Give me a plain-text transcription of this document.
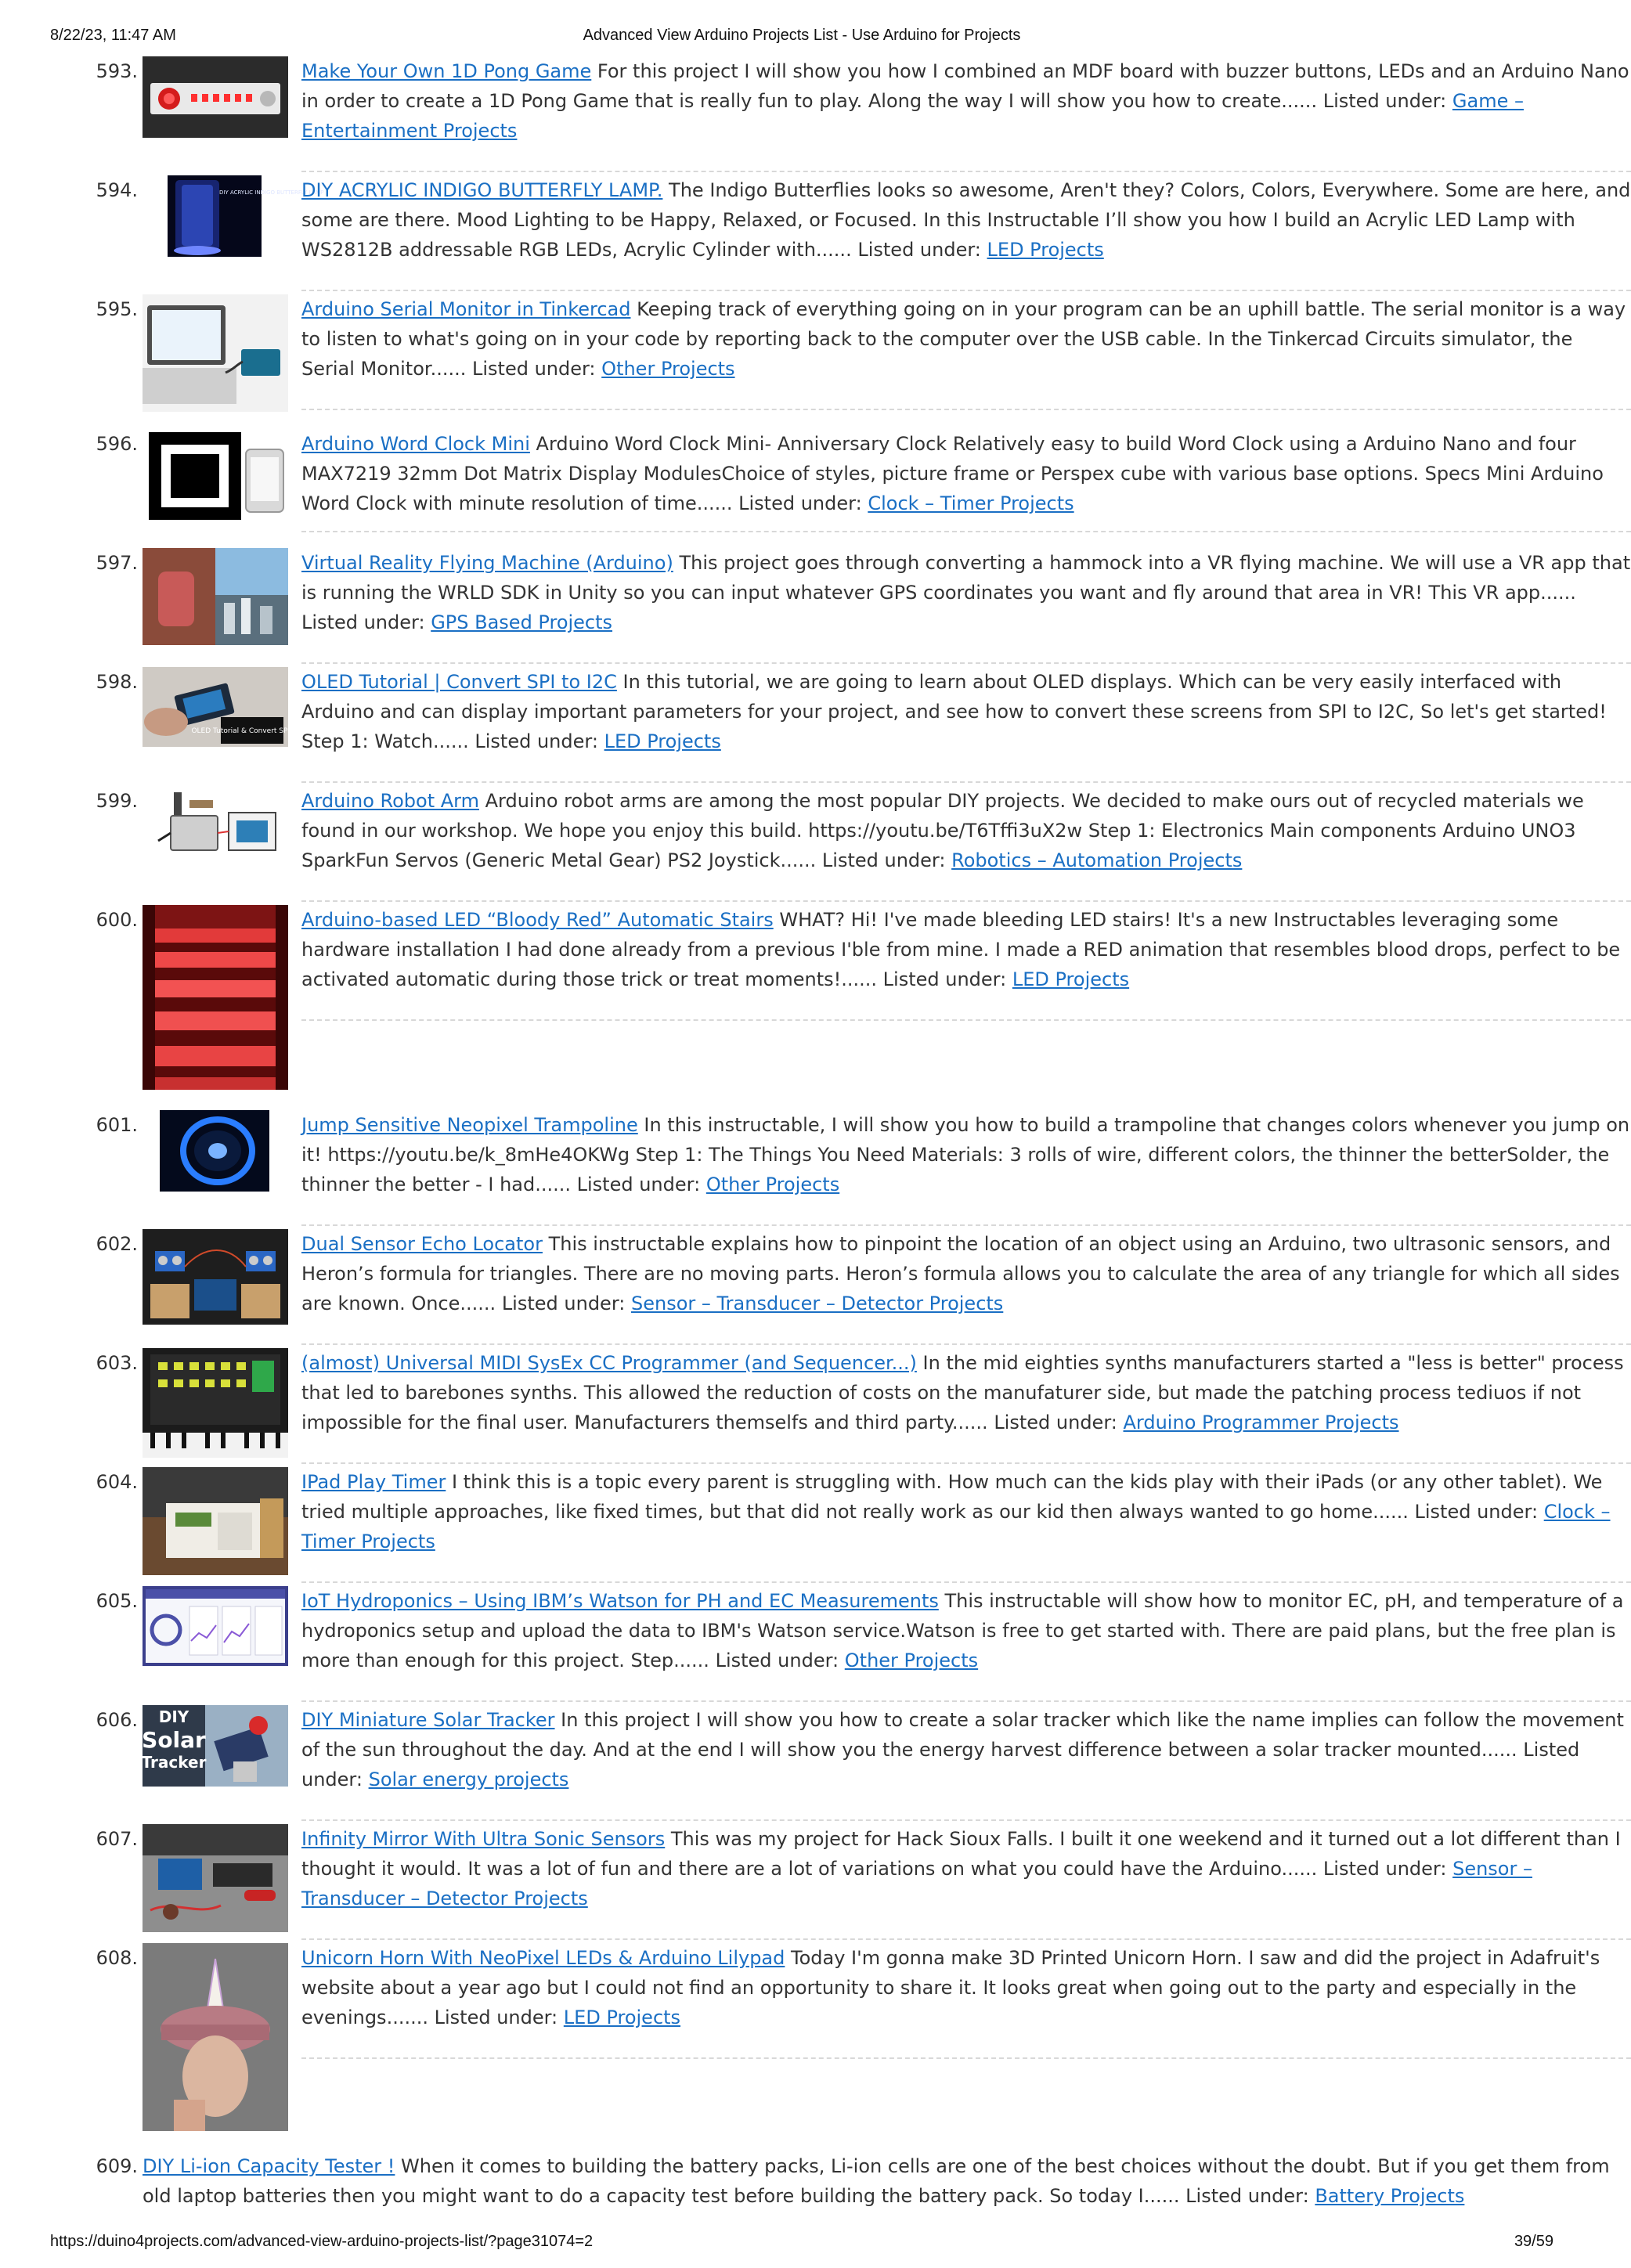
8/22/23, 11:47 AM	Advanced View Arduino Projects List - Use Arduino for Projects
593.	Make Your Own 1D Pong Game For this project I will show you how I combined an MDF board with buzzer buttons, LEDs and an Arduino Nano in order to create a 1D Pong Game that is really fun to play. Along the way I will show you how to create...... Listed under: Game – Entertainment Projects
594.	DIY ACRYLIC INDIGO BUTTERFLY LAMP
DIY ACRYLIC INDIGO BUTTERFLY LAMP. The Indigo Butterflies looks so awesome, Aren't they? Colors, Colors, Everywhere. Some are here, and some are there. Mood Lighting to be Happy, Relaxed, or Focused. In this Instructable I’ll show you how I build an Acrylic LED Lamp with WS2812B addressable RGB LEDs, Acrylic Cylinder with...... Listed under: LED Projects
595.	Arduino Serial Monitor in Tinkercad Keeping track of everything going on in your program can be an uphill battle. The serial monitor is a way to listen to what's going on in your code by reporting back to the computer over the USB cable. In the Tinkercad Circuits simulator, the Serial Monitor...... Listed under: Other Projects
596.	Arduino Word Clock Mini Arduino Word Clock Mini- Anniversary Clock Relatively easy to build Word Clock using a Arduino Nano and four MAX7219 32mm Dot Matrix Display ModulesChoice of styles, picture frame or Perspex cube with various base options. Specs Mini Arduino Word Clock with minute resolution of time...... Listed under: Clock – Timer Projects
597.	Virtual Reality Flying Machine (Arduino) This project goes through converting a hammock into a VR flying machine. We will use a VR app that is running the WRLD SDK in Unity so you can input whatever GPS coordinates you want and fly around that area in VR! This VR app...... Listed under: GPS Based Projects
598.
OLED Tutorial & Convert SPI to I2C
OLED Tutorial | Convert SPI to I2C In this tutorial, we are going to learn about OLED displays. Which can be very easily interfaced with Arduino and can display important parameters for your project, and see how to convert these screens from SPI to I2C, So let's get started! Step 1: Watch...... Listed under: LED Projects
599.	Arduino Robot Arm Arduino robot arms are among the most popular DIY projects. We decided to make ours out of recycled materials we found in our workshop. We hope you enjoy this build. https://youtu.be/T6Tffi3uX2w Step 1: Electronics Main components Arduino UNO3 SparkFun Servos (Generic Metal Gear) PS2 Joystick...... Listed under: Robotics – Automation Projects
600.	Arduino-based LED “Bloody Red” Automatic Stairs WHAT? Hi! I've made bleeding LED stairs! It's a new Instructables leveraging some hardware installation I had done already from a previous I'ble from mine. I made a RED animation that resembles blood drops, perfect to be activated automatic during those trick or treat moments!...... Listed under: LED Projects
601.	Jump Sensitive Neopixel Trampoline In this instructable, I will show you how to build a trampoline that changes colors whenever you jump on it! https://youtu.be/k_8mHe4OKWg Step 1: The Things You Need Materials: 3 rolls of wire, different colors, the thinner the betterSolder, the thinner the better - I had...... Listed under: Other Projects
602.	Dual Sensor Echo Locator This instructable explains how to pinpoint the location of an object using an Arduino, two ultrasonic sensors, and Heron’s formula for triangles. There are no moving parts. Heron’s formula allows you to calculate the area of any triangle for which all sides are known. Once...... Listed under: Sensor – Transducer – Detector Projects
603.	(almost) Universal MIDI SysEx CC Programmer (and Sequencer...) In the mid eighties synths manufacturers started a "less is better" process that led to barebones synths. This allowed the reduction of costs on the manufaturer side, but made the patching process tediuos if not impossible for the final user. Manufacturers themselfs and third party...... Listed under: Arduino Programmer Projects
604.	IPad Play Timer I think this is a topic every parent is struggling with. How much can the kids play with their iPads (or any other tablet). We tried multiple approaches, like fixed times, but that did not really work as our kid then always wanted to go home...... Listed under: Clock – Timer Projects
605.	IoT Hydroponics – Using IBM’s Watson for PH and EC Measurements This instructable will show how to monitor EC, pH, and temperature of a hydroponics setup and upload the data to IBM's Watson service.Watson is free to get started with. There are paid plans, but the free plan is more than enough for this project. Step...... Listed under: Other Projects
606. DIY
Solar
Tracker
DIY Miniature Solar Tracker In this project I will show you how to create a solar tracker which like the name implies can follow the movement of the sun throughout the day. And at the end I will show you the energy harvest difference between a solar tracker mounted...... Listed under: Solar energy projects
607.	Infinity Mirror With Ultra Sonic Sensors This was my project for Hack Sioux Falls. I built it one weekend and it turned out a lot different than I thought it would. It was a lot of fun and there are a lot of variations on what you could have the Arduino...... Listed under: Sensor – Transducer – Detector Projects
608.	Unicorn Horn With NeoPixel LEDs & Arduino Lilypad Today I'm gonna make 3D Printed Unicorn Horn. I saw and did the project in Adafruit's website about a year ago but I could not find an opportunity to share it. It looks great when going out to the party and especially in the evenings....... Listed under: LED Projects
609. DIY Li-ion Capacity Tester ! When it comes to building the battery packs, Li-ion cells are one of the best choices without the doubt. But if you get them from old laptop batteries then you might want to do a capacity test before building the battery pack. So today I...... Listed under: Battery Projects
https://duino4projects.com/advanced-view-arduino-projects-list/?page31074=2	39/59
